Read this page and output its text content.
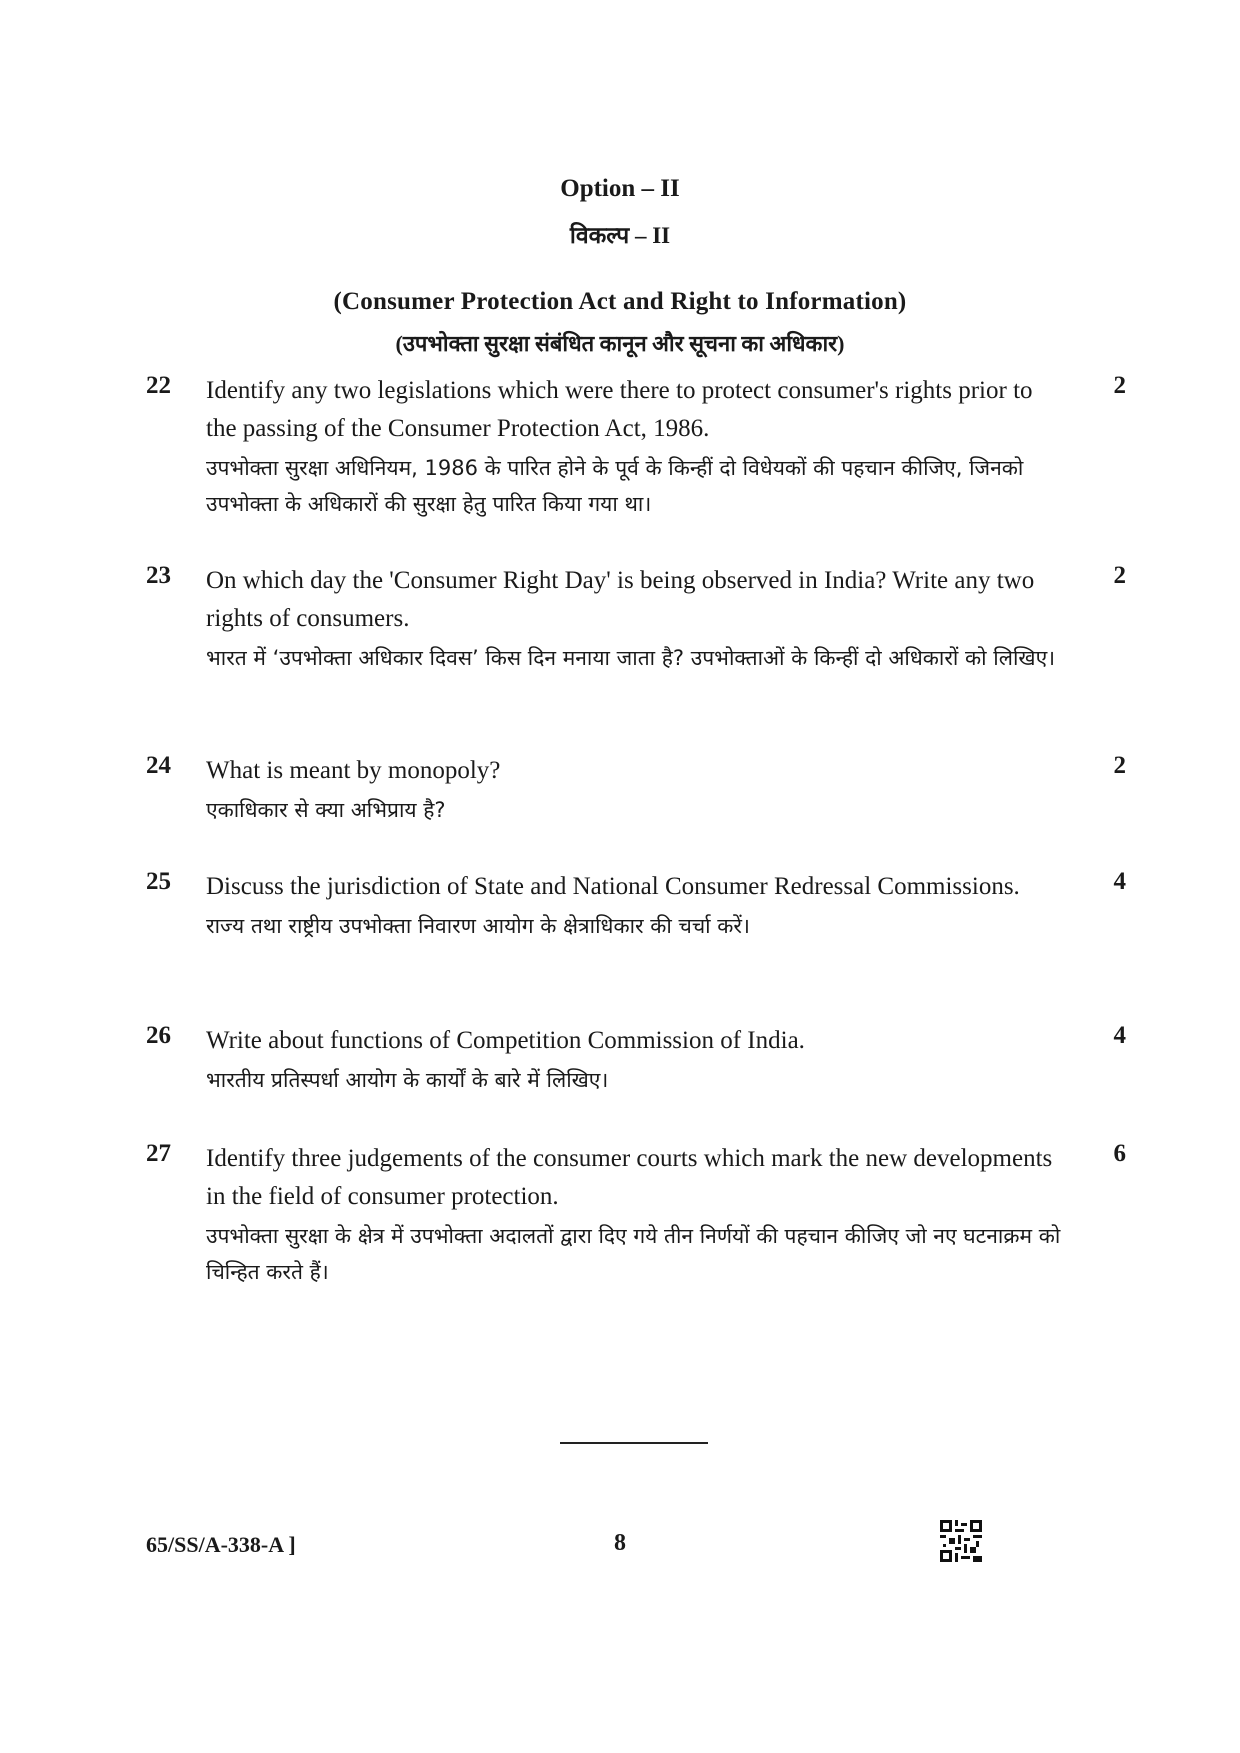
Option – II
विकल्प – II
(Consumer Protection Act and Right to Information)
(उपभोक्ता सुरक्षा संबंधित कानून और सूचना का अधिकार)
22 Identify any two legislations which were there to protect consumer's rights prior to the passing of the Consumer Protection Act, 1986.

उपभोक्ता सुरक्षा अधिनियम, 1986 के पारित होने के पूर्व के किन्हीं दो विधेयकों की पहचान कीजिए, जिनको उपभोक्ता के अधिकारों की सुरक्षा हेतु पारित किया गया था।

2
23 On which day the 'Consumer Right Day' is being observed in India? Write any two rights of consumers.

भारत में ‘उपभोक्ता अधिकार दिवस’ किस दिन मनाया जाता है? उपभोक्ताओं के किन्हीं दो अधिकारों को लिखिए।

2
24 What is meant by monopoly?

एकाधिकार से क्या अभिप्राय है?

2
25 Discuss the jurisdiction of State and National Consumer Redressal Commissions.

राज्य तथा राष्ट्रीय उपभोक्ता निवारण आयोग के क्षेत्राधिकार की चर्चा करें।

4
26 Write about functions of Competition Commission of India.

भारतीय प्रतिस्पर्धा आयोग के कार्यों के बारे में लिखिए।

4
27 Identify three judgements of the consumer courts which mark the new developments in the field of consumer protection.

उपभोक्ता सुरक्षा के क्षेत्र में उपभोक्ता अदालतों द्वारा दिए गये तीन निर्णयों की पहचान कीजिए जो नए घटनाक्रम को चिन्हित करते हैं।

6
65/SS/A-338-A ]	8
